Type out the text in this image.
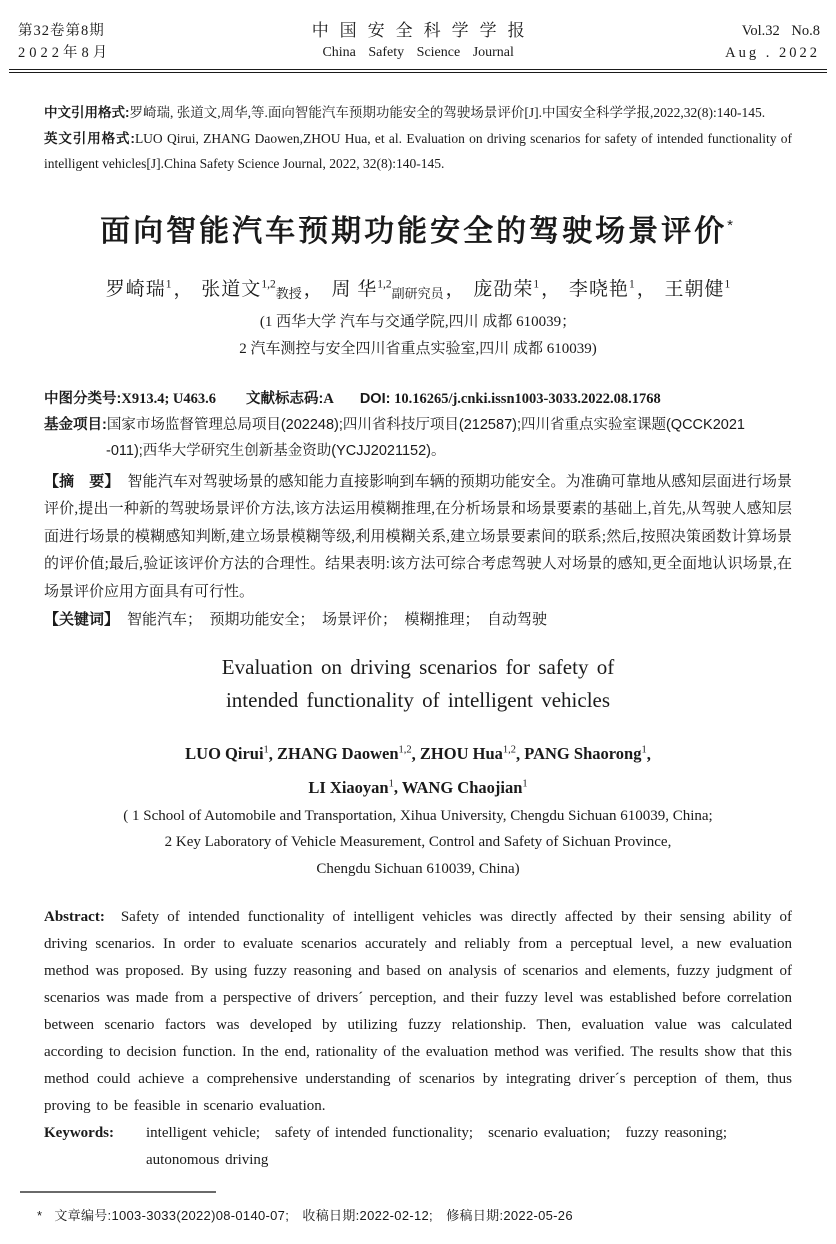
第32卷第8期
2022年8月
中国安全科学学报
China Safety Science Journal
Vol.32 No.8
Aug . 2022
中文引用格式:罗崎瑞, 张道文,周华,等.面向智能汽车预期功能安全的驾驶场景评价[J].中国安全科学学报,2022,32(8):140-145.
英文引用格式:LUO Qirui, ZHANG Daowen,ZHOU Hua, et al. Evaluation on driving scenarios for safety of intended functionality of intelligent vehicles[J].China Safety Science Journal, 2022, 32(8):140-145.
面向智能汽车预期功能安全的驾驶场景评价*
罗崎瑞$^1$ ， 张道文$^{1,2}$教授 ， 周 华$^{1,2}$副研究员 ， 庞劭荣$^1$ ， 李哓艳$^1$ ， 王朝健$^1$
(1 西华大学 汽车与交通学院,四川 成都 610039；
2 汽车测控与安全四川省重点实验室,四川 成都 610039)
中图分类号:X913.4; U463.6 文献标志码:A DOI: 10.16265/j.cnki.issn1003-3033.2022.08.1768
基金项目:国家市场监督管理总局项目(202248);四川省科技厅项目(212587);四川省重点实验室课题(QCCK2021
-011);西华大学研究生创新基金资助(YCJJ2021152)。
【摘　要】 智能汽车对驾驶场景的感知能力直接影响到车辆的预期功能安全。为准确可靠地从感知层面进行场景评价,提出一种新的驾驶场景评价方法,该方法运用模糊推理,在分析场景和场景要素的基础上,首先,从驾驶人感知层面进行场景的模糊感知判断,建立场景模糊等级,利用模糊关系,建立场景要素间的联系;然后,按照决策函数计算场景的评价值;最后,验证该评价方法的合理性。结果表明:该方法可综合考虑驾驶人对场景的感知,更全面地认识场景,在场景评价应用方面具有可行性。
【关键词】 智能汽车；　预期功能安全；　场景评价；　模糊推理；　自动驾驶
Evaluation on driving scenarios for safety of
intended functionality of intelligent vehicles
LUO Qirui$^1$, ZHANG Daowen$^{1,2}$, ZHOU Hua$^{1,2}$, PANG Shaorong$^1$,
LI Xiaoyan$^1$, WANG Chaojian$^1$
( 1 School of Automobile and Transportation, Xihua University, Chengdu Sichuan 610039, China;
2 Key Laboratory of Vehicle Measurement, Control and Safety of Sichuan Province,
Chengdu Sichuan 610039, China)
Abstract: Safety of intended functionality of intelligent vehicles was directly affected by their sensing ability of driving scenarios. In order to evaluate scenarios accurately and reliably from a perceptual level, a new evaluation method was proposed. By using fuzzy reasoning and based on analysis of scenarios and elements, fuzzy judgment of scenarios was made from a perspective of drivers´ perception, and their fuzzy level was established before correlation between scenario factors was developed by utilizing fuzzy relationship. Then, evaluation value was calculated according to decision function. In the end, rationality of the evaluation method was verified. The results show that this method could achieve a comprehensive understanding of scenarios by integrating driver´s perception of them, thus proving to be feasible in scenario evaluation.
Keywords:	intelligent vehicle;　safety of intended functionality;　scenario evaluation;　fuzzy reasoning;　autonomous driving
* 文章编号:1003-3033(2022)08-0140-07;　收稿日期:2022-02-12;　修稿日期:2022-05-26
